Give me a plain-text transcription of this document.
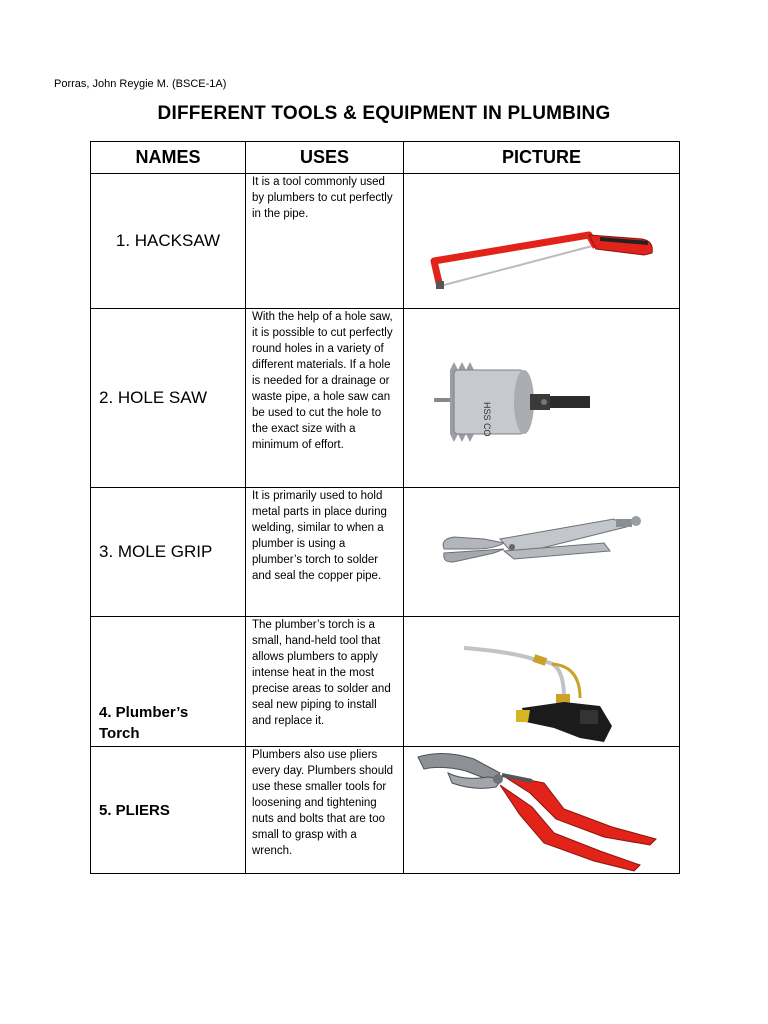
Porras, John Reygie M. (BSCE-1A)
DIFFERENT TOOLS & EQUIPMENT IN PLUMBING
NAMES	USES	PICTURE

1. HACKSAW	It is a tool commonly used by plumbers to cut perfectly in the pipe.

2. HOLE SAW	With the help of a hole saw, it is possible to cut perfectly round holes in a variety of different materials. If a hole is needed for a drainage or waste pipe, a hole saw can be used to cut the hole to the exact size with a minimum of effort.	HSS CO

3. MOLE GRIP	It is primarily used to hold metal parts in place during welding, similar to when a plumber is using a plumber’s torch to solder and seal the copper pipe.

4. Plumber’s Torch	The plumber’s torch is a small, hand-held tool that allows plumbers to apply intense heat in the most precise areas to solder and seal new piping to install and replace it.

5. PLIERS	Plumbers also use pliers every day. Plumbers should use these smaller tools for loosening and tightening nuts and bolts that are too small to grasp with a wrench.
